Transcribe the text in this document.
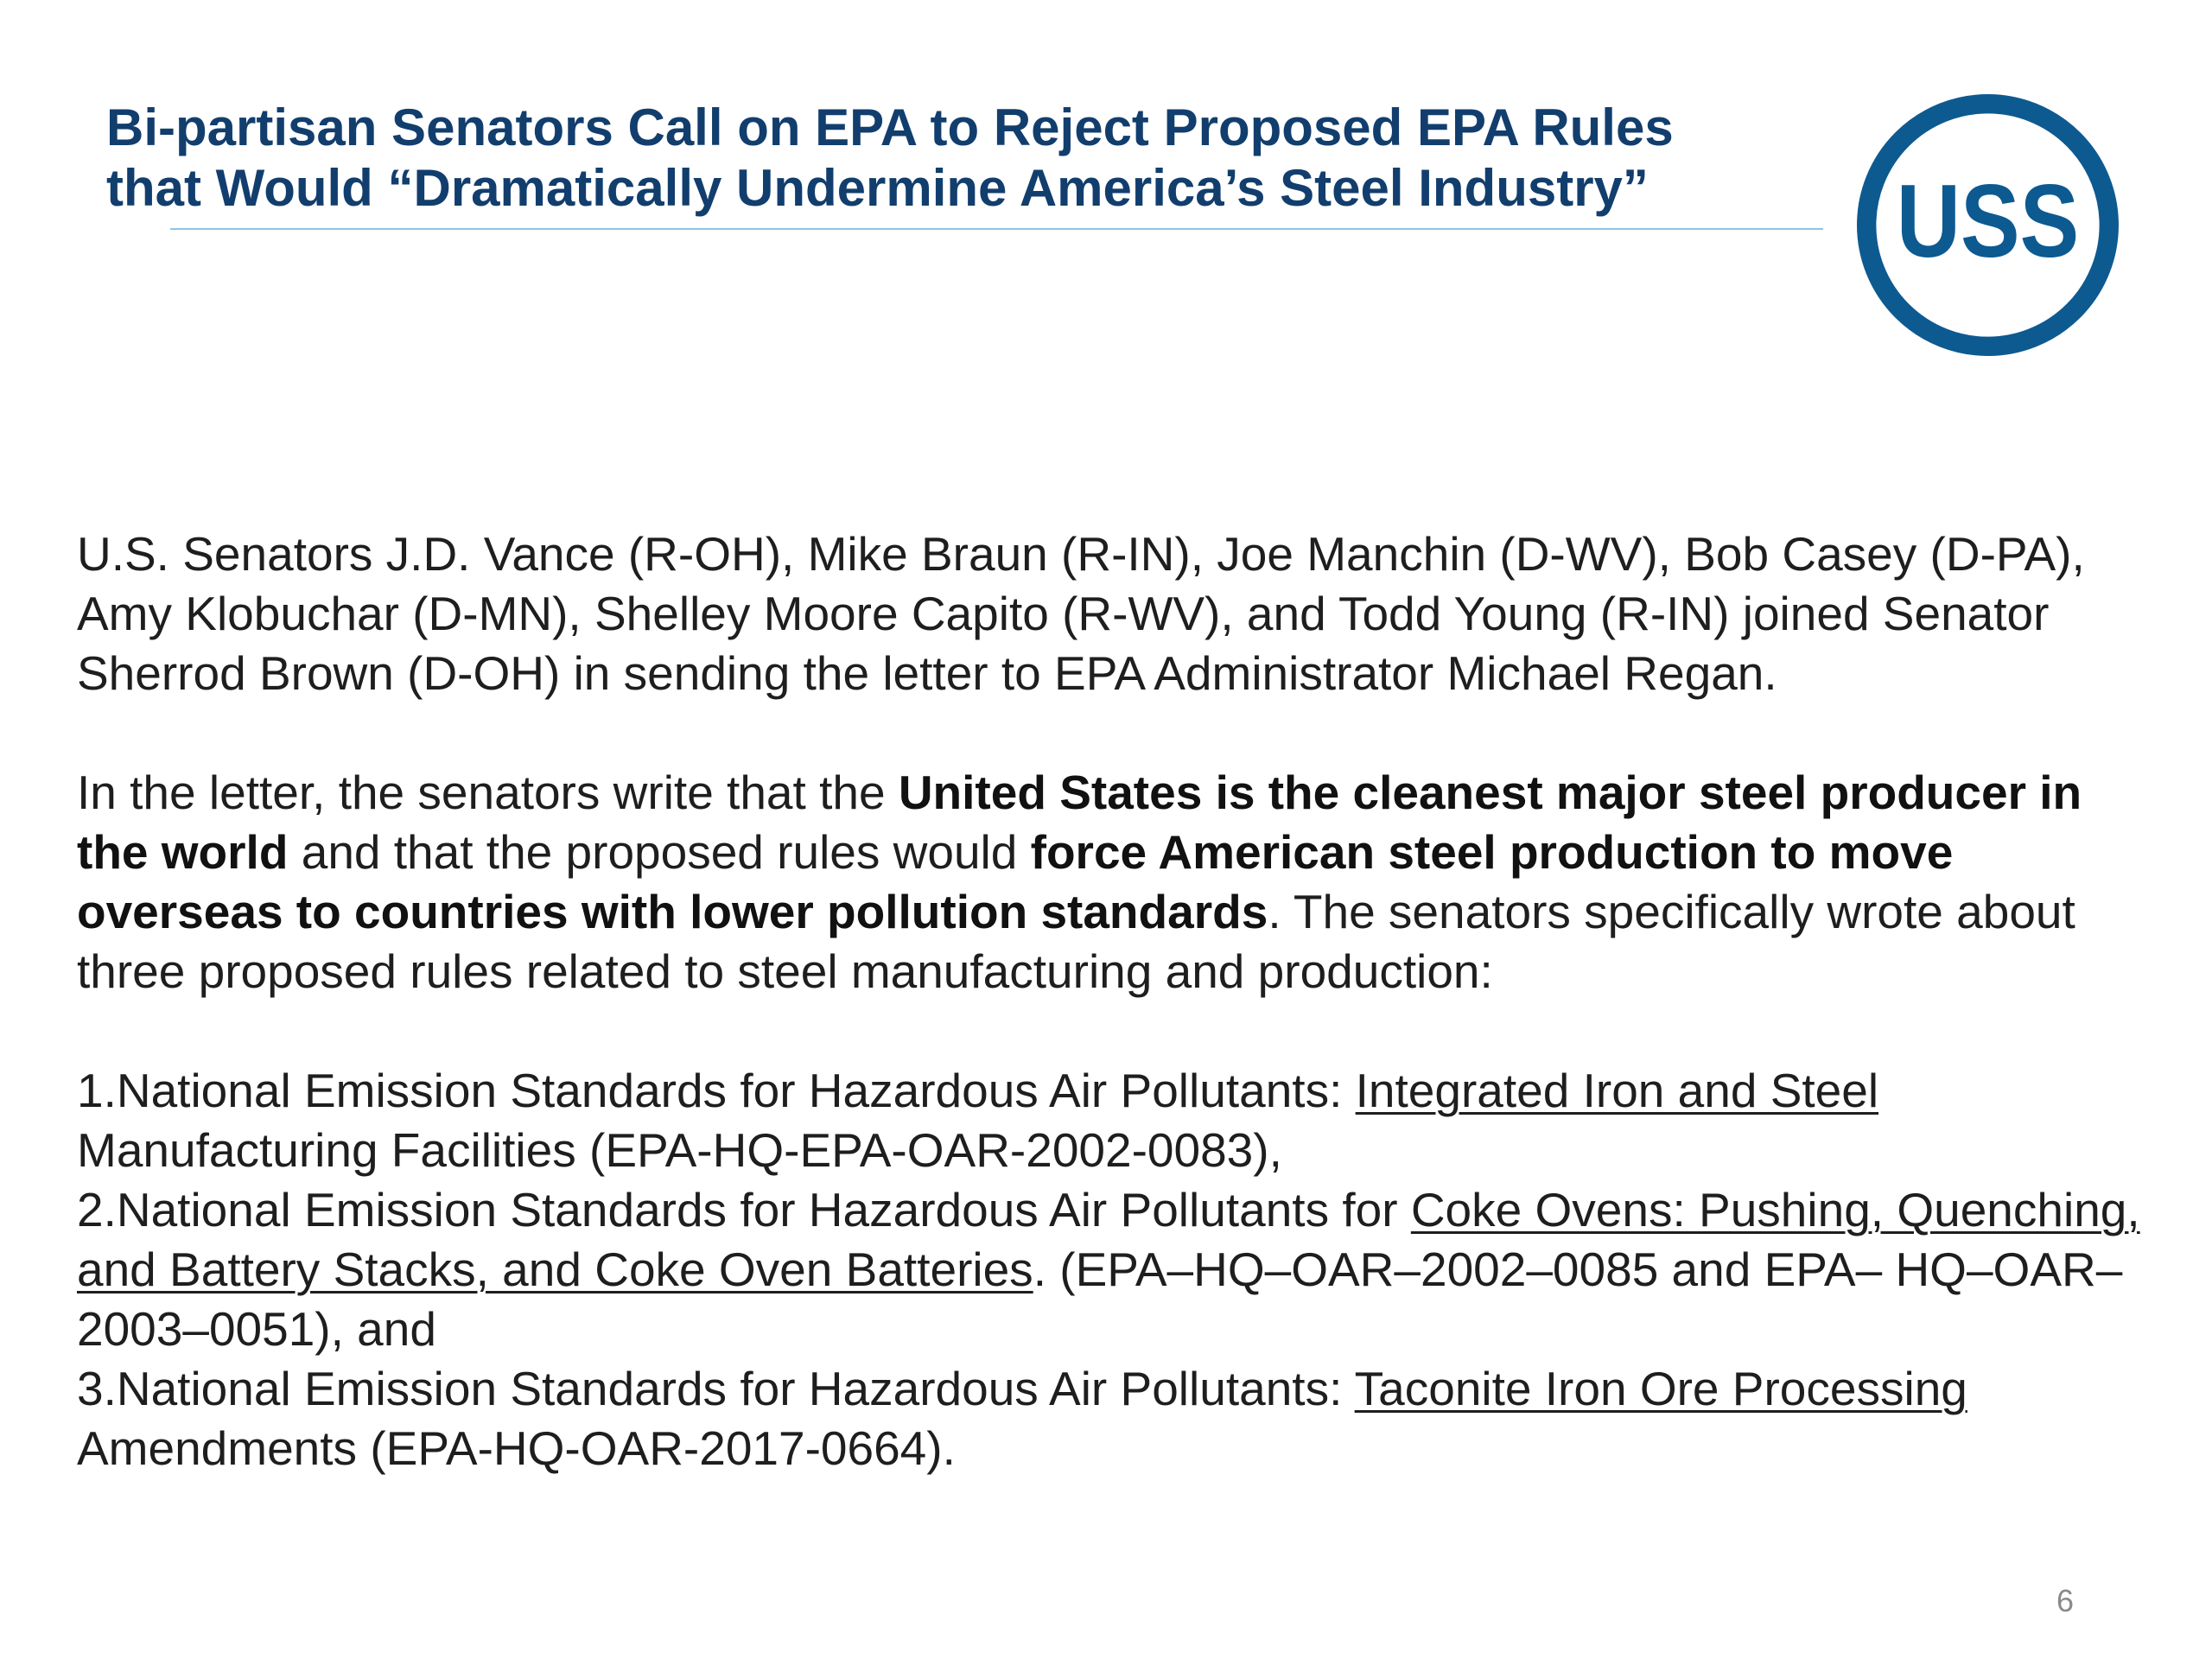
Bi-partisan Senators Call on EPA to Reject Proposed EPA Rules
that Would “Dramatically Undermine America’s Steel Industry”	USS

U.S. Senators J.D. Vance (R-OH), Mike Braun (R-IN), Joe Manchin (D-WV), Bob Casey (D-PA), Amy Klobuchar (D-MN), Shelley Moore Capito (R-WV), and Todd Young (R-IN) joined Senator Sherrod Brown (D-OH) in sending the letter to EPA Administrator Michael Regan.

In the letter, the senators write that the United States is the cleanest major steel producer in the world and that the proposed rules would force American steel production to move overseas to countries with lower pollution standards. The senators specifically wrote about three proposed rules related to steel manufacturing and production:

1.National Emission Standards for Hazardous Air Pollutants: Integrated Iron and Steel Manufacturing Facilities (EPA-HQ-EPA-OAR-2002-0083),

2.National Emission Standards for Hazardous Air Pollutants for Coke Ovens: Pushing, Quenching, and Battery Stacks, and Coke Oven Batteries. (EPA–HQ–OAR–2002–0085 and EPA– HQ–OAR–2003–0051), and

3.National Emission Standards for Hazardous Air Pollutants: Taconite Iron Ore Processing Amendments (EPA-HQ-OAR-2017-0664).

6
